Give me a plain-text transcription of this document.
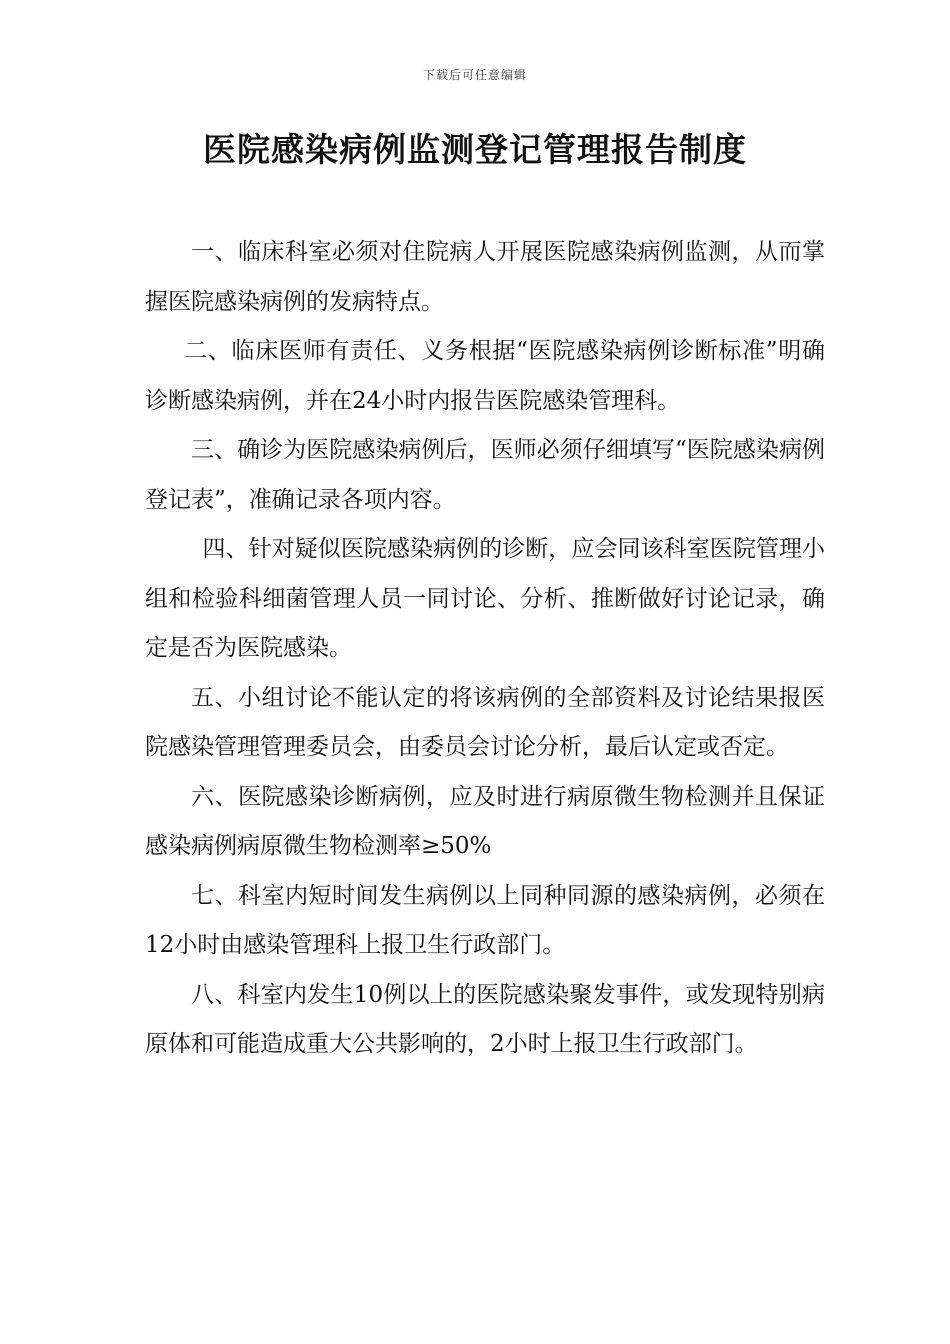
下载后可任意编辑
医院感染病例监测登记管理报告制度

一、临床科室必须对住院病人开展医院感染病例监测，从而掌握医院感染病例的发病特点。

二、临床医师有责任、义务根据“医院感染病例诊断标准”明确诊断感染病例，并在24小时内报告医院感染管理科。

三、确诊为医院感染病例后，医师必须仔细填写“医院感染病例登记表”，准确记录各项内容。

四、针对疑似医院感染病例的诊断，应会同该科室医院管理小组和检验科细菌管理人员一同讨论、分析、推断做好讨论记录，确定是否为医院感染。

五、小组讨论不能认定的将该病例的全部资料及讨论结果报医院感染管理管理委员会，由委员会讨论分析，最后认定或否定。

六、医院感染诊断病例，应及时进行病原微生物检测并且保证感染病例病原微生物检测率≥50%

七、科室内短时间发生病例以上同种同源的感染病例，必须在12小时由感染管理科上报卫生行政部门。

八、科室内发生10例以上的医院感染聚发事件，或发现特别病原体和可能造成重大公共影响的，2小时上报卫生行政部门。
